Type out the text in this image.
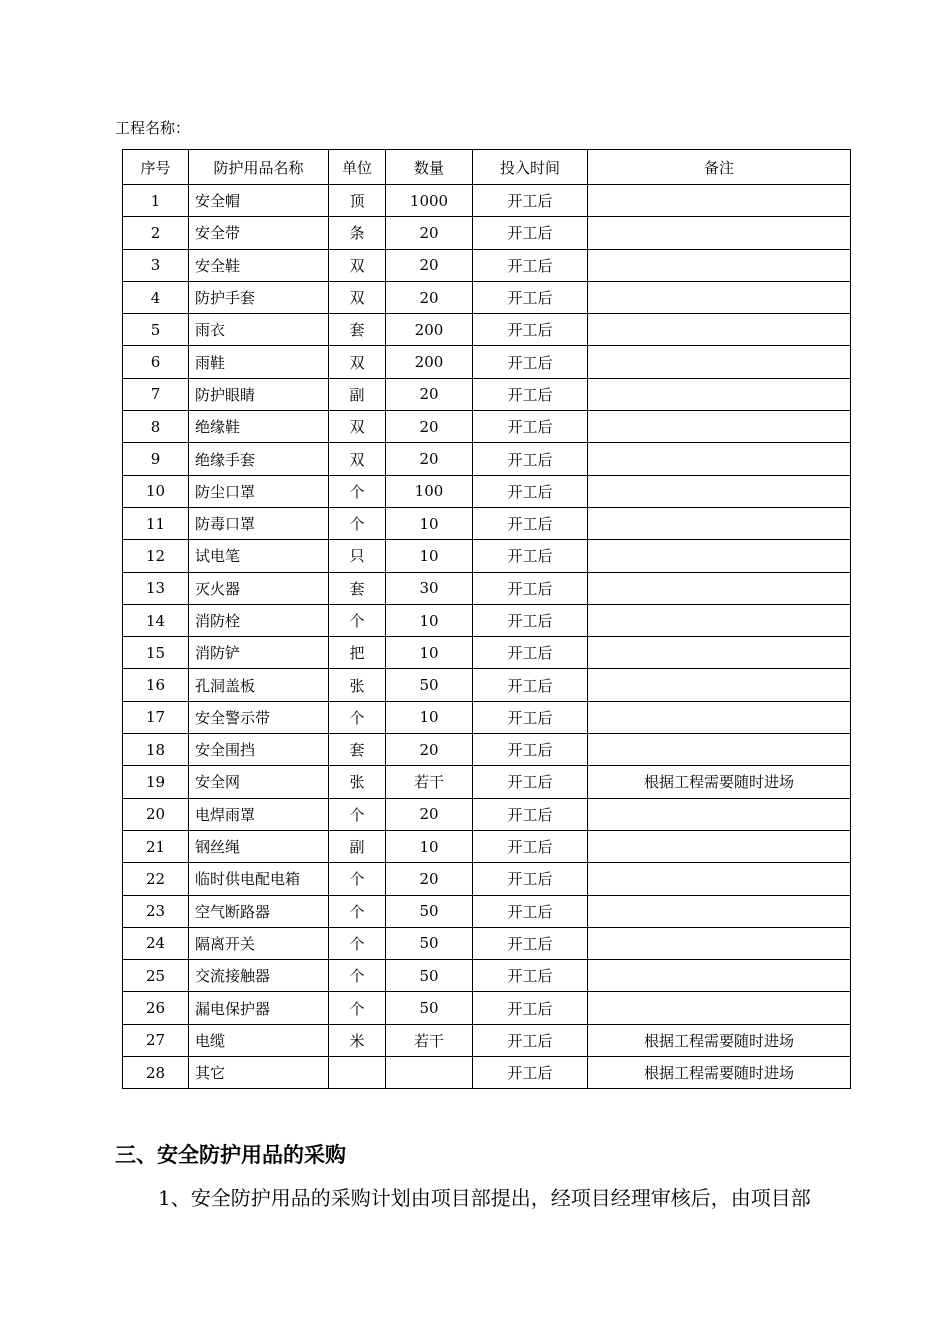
工程名称：
序号	防护用品名称	单位	数量	投入时间	备注
1	安全帽	顶	1000	开工后	
2	安全带	条	20	开工后	
3	安全鞋	双	20	开工后	
4	防护手套	双	20	开工后	
5	雨衣	套	200	开工后	
6	雨鞋	双	200	开工后	
7	防护眼睛	副	20	开工后	
8	绝缘鞋	双	20	开工后	
9	绝缘手套	双	20	开工后	
10	防尘口罩	个	100	开工后	
11	防毒口罩	个	10	开工后	
12	试电笔	只	10	开工后	
13	灭火器	套	30	开工后	
14	消防栓	个	10	开工后	
15	消防铲	把	10	开工后	
16	孔洞盖板	张	50	开工后	
17	安全警示带	个	10	开工后	
18	安全围挡	套	20	开工后	
19	安全网	张	若干	开工后	根据工程需要随时进场
20	电焊雨罩	个	20	开工后	
21	钢丝绳	副	10	开工后	
22	临时供电配电箱	个	20	开工后	
23	空气断路器	个	50	开工后	
24	隔离开关	个	50	开工后	
25	交流接触器	个	50	开工后	
26	漏电保护器	个	50	开工后	
27	电缆	米	若干	开工后	根据工程需要随时进场
28	其它			开工后	根据工程需要随时进场
三、安全防护用品的采购
1、安全防护用品的采购计划由项目部提出，经项目经理审核后，由项目部
